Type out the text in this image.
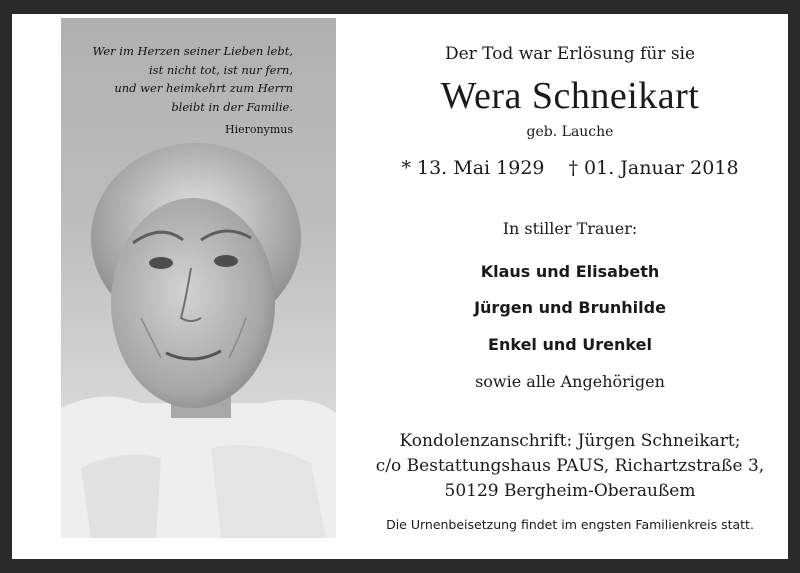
Wer im Herzen seiner Lieben lebt,
ist nicht tot, ist nur fern,
und wer heimkehrt zum Herrn
bleibt in der Familie.
Hieronymus
Der Tod war Erlösung für sie
Wera Schneikart
geb. Lauche
* 13. Mai 1929 † 01. Januar 2018
In stiller Trauer:
Klaus und Elisabeth
Jürgen und Brunhilde
Enkel und Urenkel
sowie alle Angehörigen
Kondolenzanschrift: Jürgen Schneikart;
c/o Bestattungshaus PAUS, Richartzstraße 3,
50129 Bergheim-Oberaußem
Die Urnenbeisetzung findet im engsten Familienkreis statt.
